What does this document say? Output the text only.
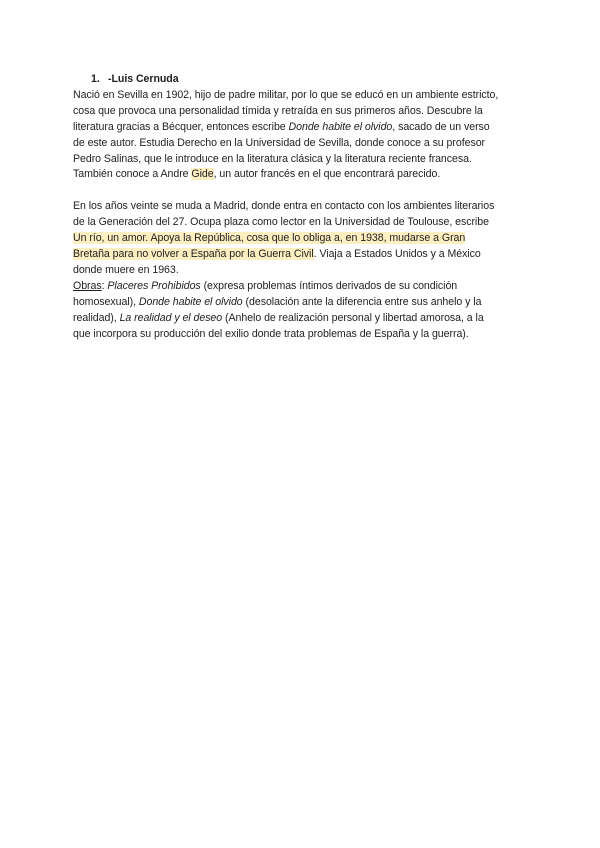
1. -Luis Cernuda
Nació en Sevilla en 1902, hijo de padre militar, por lo que se educó en un ambiente estricto,
cosa que provoca una personalidad tímida y retraída en sus primeros años. Descubre la
literatura gracias a Bécquer, entonces escribe Donde habite el olvido, sacado de un verso
de este autor. Estudia Derecho en la Universidad de Sevilla, donde conoce a su profesor
Pedro Salinas, que le introduce en la literatura clásica y la literatura reciente francesa.
También conoce a Andre Gide, un autor francés en el que encontrará parecido.
En los años veinte se muda a Madrid, donde entra en contacto con los ambientes literarios
de la Generación del 27. Ocupa plaza como lector en la Universidad de Toulouse, escribe
Un río, un amor. Apoya la República, cosa que lo obliga a, en 1938, mudarse a Gran
Bretaña para no volver a España por la Guerra Civil. Viaja a Estados Unidos y a México
donde muere en 1963.
Obras: Placeres Prohibidos (expresa problemas íntimos derivados de su condición
homosexual), Donde habite el olvido (desolación ante la diferencia entre sus anhelo y la
realidad), La realidad y el deseo (Anhelo de realización personal y libertad amorosa, a la
que incorpora su producción del exilio donde trata problemas de España y la guerra).
